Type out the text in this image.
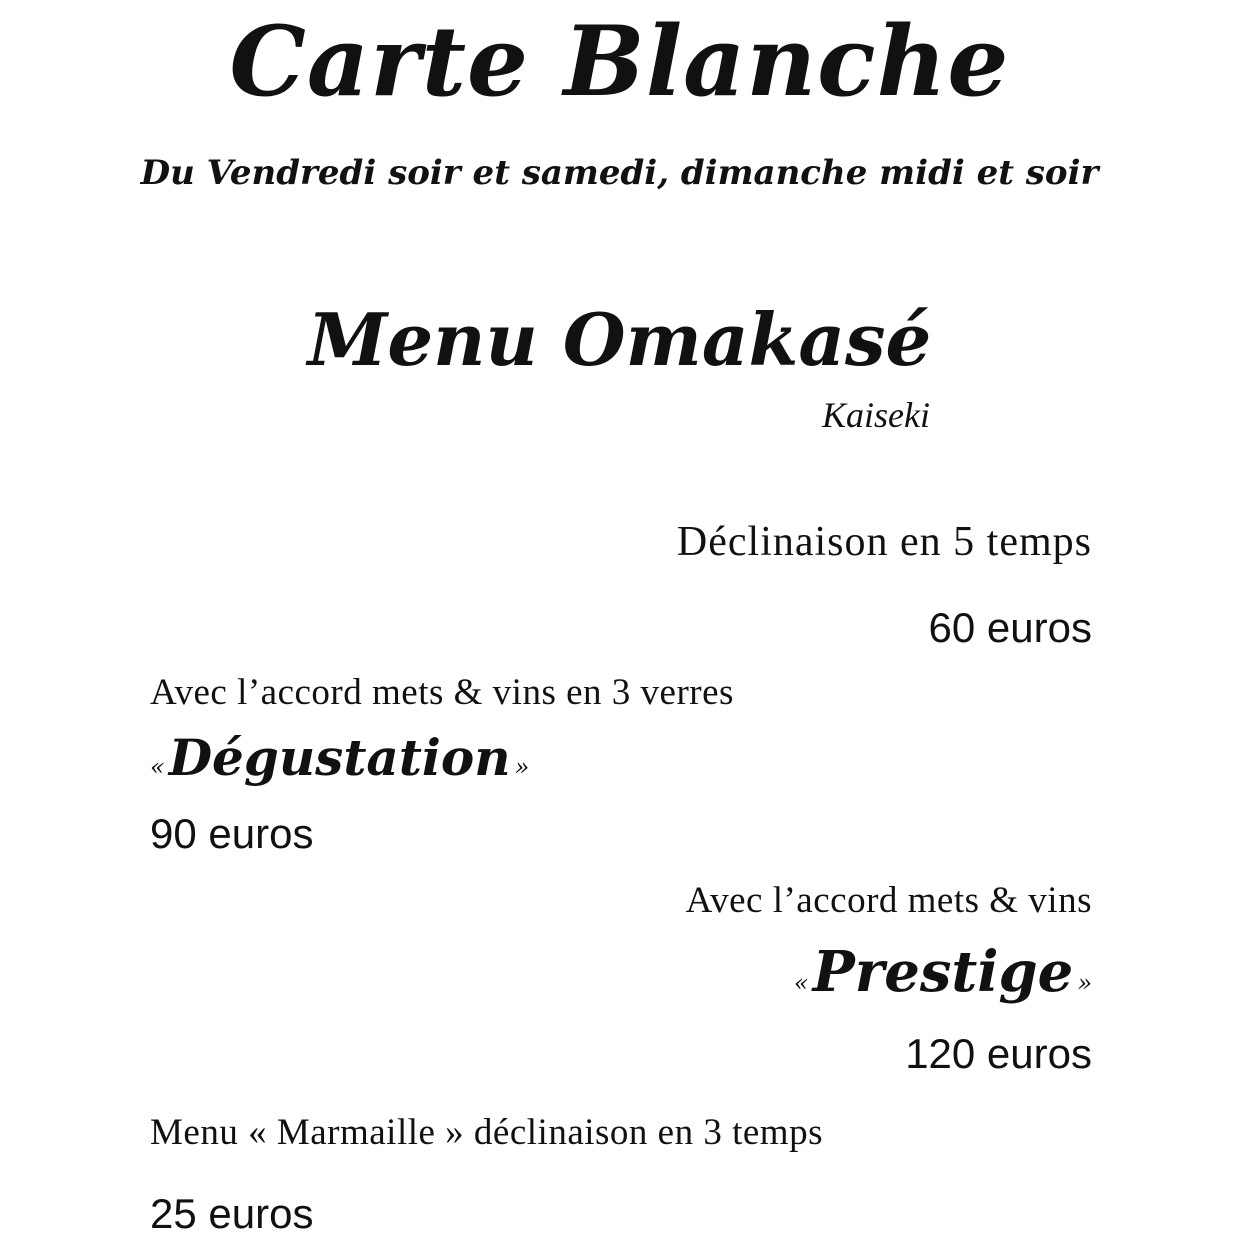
Carte Blanche
Du Vendredi soir et samedi, dimanche midi et soir
Menu Omakasé
Kaiseki
Déclinaison en 5 temps
60 euros
Avec l’accord mets & vins en 3 verres
« Dégustation »
90 euros
Avec l’accord mets & vins
« Prestige »
120 euros
Menu « Marmaille » déclinaison en 3 temps
25 euros
